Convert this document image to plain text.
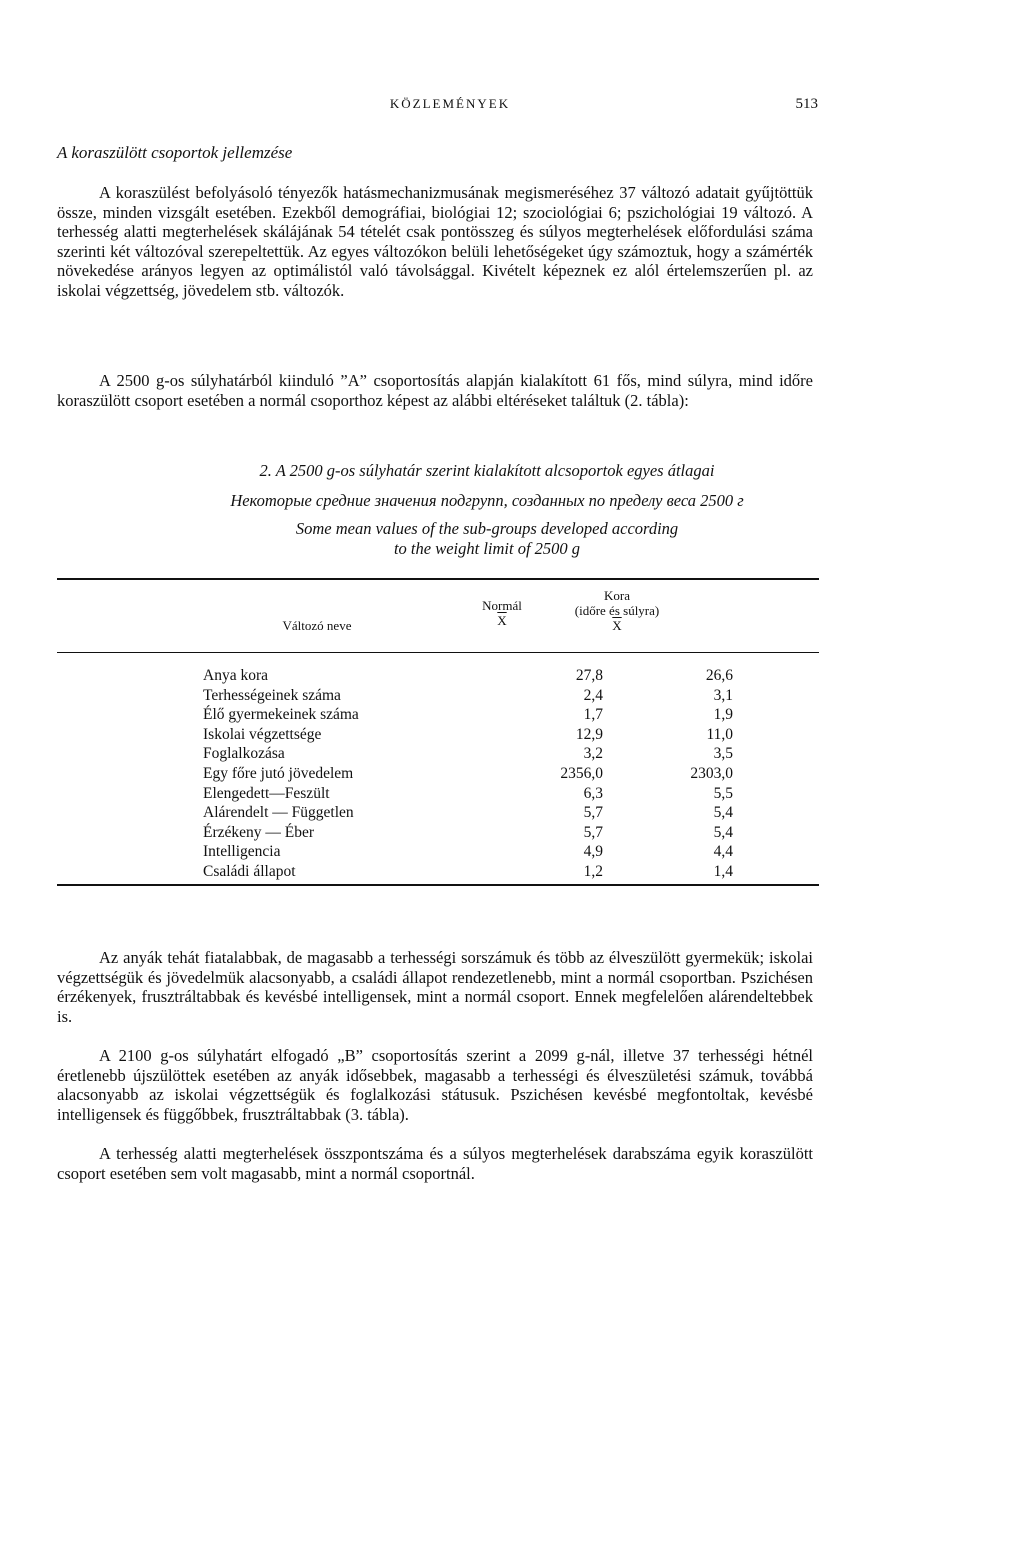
KÖZLEMÉNYEK	513
A koraszülött csoportok jellemzése

A koraszülést befolyásoló tényezők hatásmechanizmusának megismeréséhez 37 változó adatait gyűjtöttük össze, minden vizsgált esetében. Ezekből demográfiai, biológiai 12; szociológiai 6; pszichológiai 19 változó. A terhesség alatti megterhelések skálájának 54 tételét csak pontösszeg és súlyos megterhelések előfordulási száma szerinti két változóval szerepeltettük. Az egyes változókon belüli lehetőségeket úgy számoztuk, hogy a számérték növekedése arányos legyen az optimálistól való távolsággal. Kivételt képeznek ez alól értelemszerűen pl. az iskolai végzettség, jövedelem stb. változók.

A 2500 g-os súlyhatárból kiinduló ”A” csoportosítás alapján kialakított 61 fős, mind súlyra, mind időre koraszülött csoport esetében a normál csoporthoz képest az alábbi eltéréseket találtuk (2. tábla):

2. A 2500 g-os súlyhatár szerint kialakított alcsoportok egyes átlagai
Некоторые средние значения подгрупп, созданных по пределу веса 2500 г
Some mean values of the sub-groups developed according
to the weight limit of 2500 g
Változó neve
Normál
$\overline{X}$
Kora
(időre és súlyra)
$\overline{X}$
Anya kora	27,8	26,6
Terhességeinek száma	2,4	3,1
Élő gyermekeinek száma	1,7	1,9
Iskolai végzettsége	12,9	11,0
Foglalkozása	3,2	3,5
Egy főre jutó jövedelem	2356,0	2303,0
Elengedett—Feszült	6,3	5,5
Alárendelt — Független	5,7	5,4
Érzékeny — Éber	5,7	5,4
Intelligencia	4,9	4,4
Családi állapot	1,2	1,4

Az anyák tehát fiatalabbak, de magasabb a terhességi sorszámuk és több az élveszülött gyermekük; iskolai végzettségük és jövedelmük alacsonyabb, a családi állapot rendezetlenebb, mint a normál csoportban. Pszichésen érzékenyek, frusztráltabbak és kevésbé intelligensek, mint a normál csoport. Ennek megfelelően alárendeltebbek is.

A 2100 g-os súlyhatárt elfogadó „B” csoportosítás szerint a 2099 g-nál, illetve 37 terhességi hétnél éretlenebb újszülöttek esetében az anyák idősebbek, magasabb a terhességi és élveszületési számuk, továbbá alacsonyabb az iskolai végzettségük és foglalkozási státusuk. Pszichésen kevésbé megfontoltak, kevésbé intelligensek és függőbbek, frusztráltabbak (3. tábla).

A terhesség alatti megterhelések összpontszáma és a súlyos megterhelések darabszáma egyik koraszülött csoport esetében sem volt magasabb, mint a normál csoportnál.
